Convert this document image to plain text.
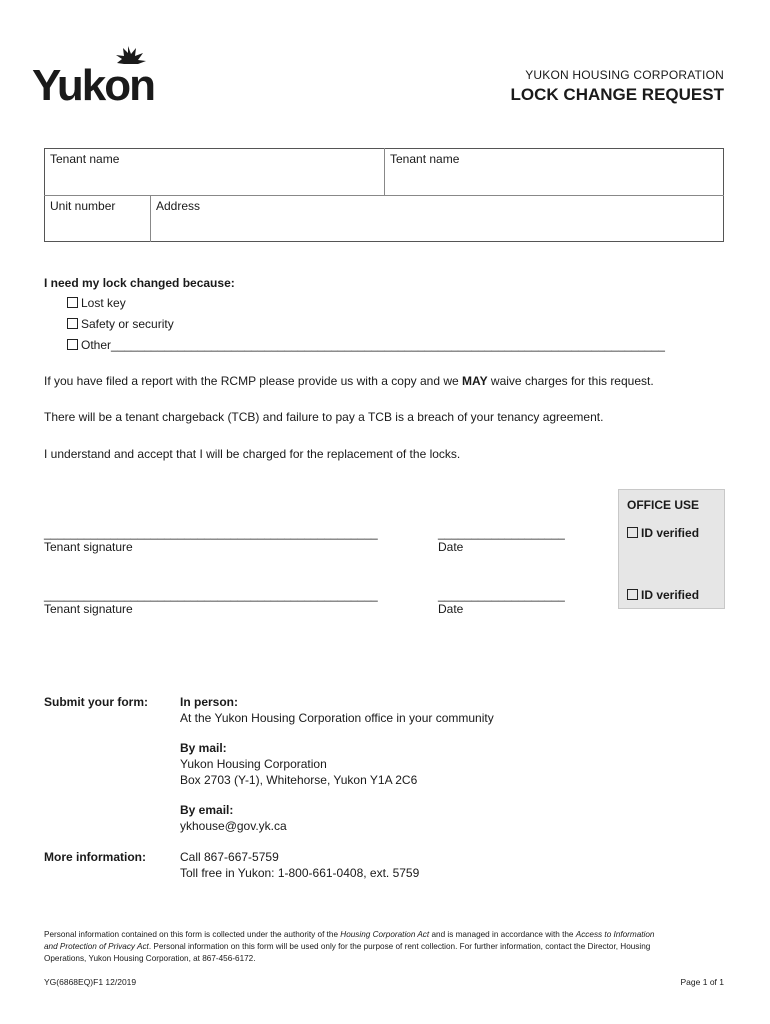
Yukon	YUKON HOUSING CORPORATION
LOCK CHANGE REQUEST
Tenant name	Tenant name
Unit number	Address
I need my lock changed because:
Lost key
Safety or security
Other___________________________________________________________________________________
If you have filed a report with the RCMP please provide us with a copy and we MAY waive charges for this request.
There will be a tenant chargeback (TCB) and failure to pay a TCB is a breach of your tenancy agreement.
I understand and accept that I will be charged for the replacement of the locks.
OFFICE USE
ID verified
ID verified
__________________________________________________	___________________
Tenant signature	Date
__________________________________________________	___________________
Tenant signature	Date
Submit your form:	In person:
At the Yukon Housing Corporation office in your community
By mail:
Yukon Housing Corporation
Box 2703 (Y-1), Whitehorse, Yukon Y1A 2C6
By email:
ykhouse@gov.yk.ca
More information:	Call 867-667-5759
Toll free in Yukon: 1-800-661-0408, ext. 5759
Personal information contained on this form is collected under the authority of the Housing Corporation Act and is managed in accordance with the Access to Information
and Protection of Privacy Act. Personal information on this form will be used only for the purpose of rent collection. For further information, contact the Director, Housing
Operations, Yukon Housing Corporation, at 867-456-6172.
YG(6868EQ)F1 12/2019	Page 1 of 1
